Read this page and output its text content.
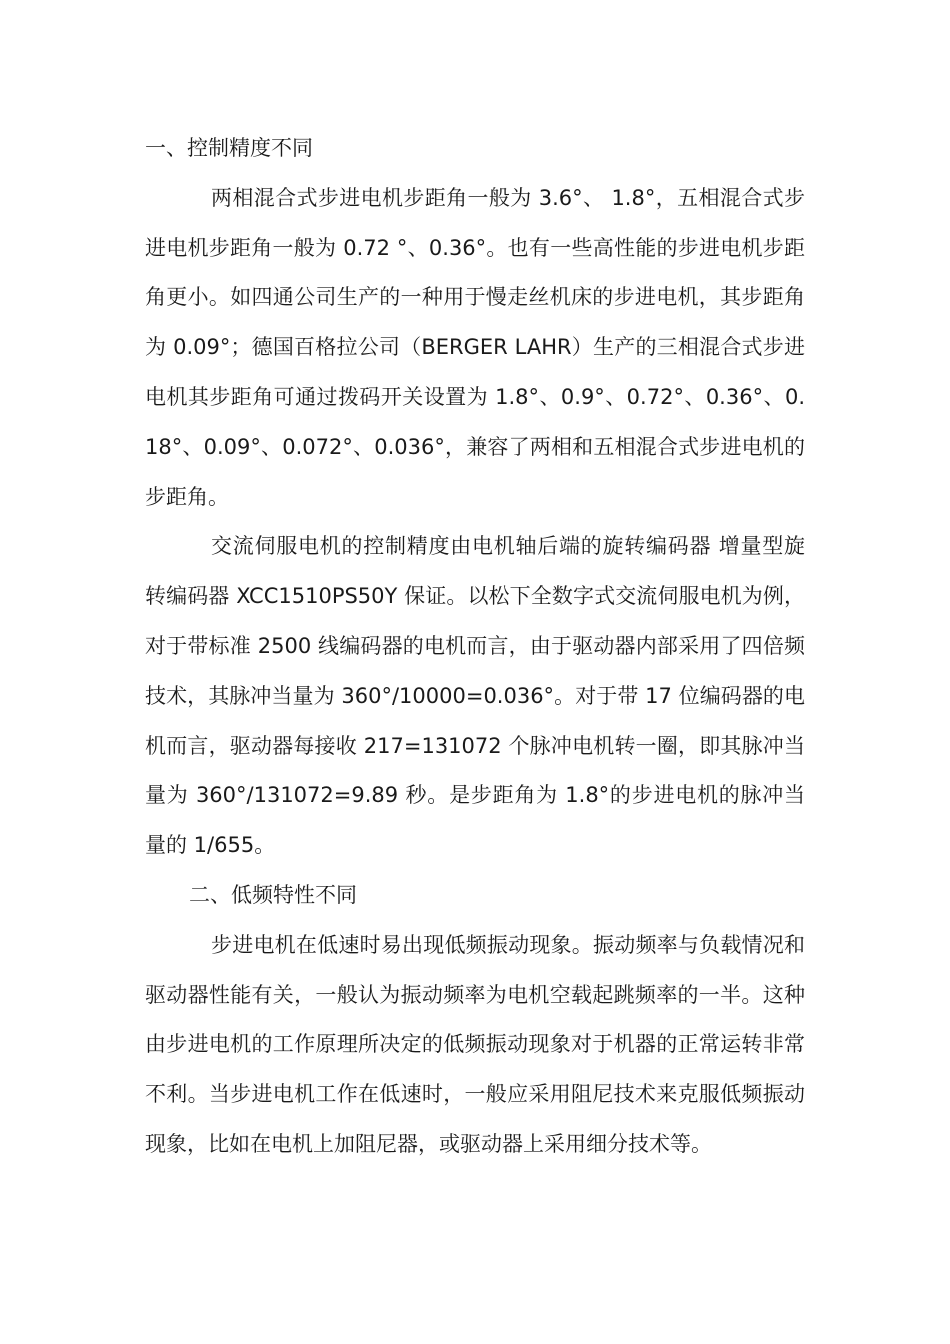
一、控制精度不同

两相混合式步进电机步距角一般为 3.6°、 1.8°，五相混合式步进电机步距角一般为 0.72 °、0.36°。也有一些高性能的步进电机步距角更小。如四通公司生产的一种用于慢走丝机床的步进电机，其步距角为 0.09°；德国百格拉公司（BERGER LAHR）生产的三相混合式步进电机其步距角可通过拨码开关设置为 1.8°、0.9°、0.72°、0.36°、0.18°、0.09°、0.072°、0.036°，兼容了两相和五相混合式步进电机的步距角。

交流伺服电机的控制精度由电机轴后端的旋转编码器 增量型旋转编码器 XCC1510PS50Y 保证。以松下全数字式交流伺服电机为例，对于带标准 2500 线编码器的电机而言，由于驱动器内部采用了四倍频技术，其脉冲当量为 360°/10000=0.036°。对于带 17 位编码器的电机而言，驱动器每接收 217=131072 个脉冲电机转一圈，即其脉冲当量为 360°/131072=9.89 秒。是步距角为 1.8°的步进电机的脉冲当量的 1/655。

二、低频特性不同

步进电机在低速时易出现低频振动现象。振动频率与负载情况和驱动器性能有关，一般认为振动频率为电机空载起跳频率的一半。这种由步进电机的工作原理所决定的低频振动现象对于机器的正常运转非常不利。当步进电机工作在低速时，一般应采用阻尼技术来克服低频振动现象，比如在电机上加阻尼器，或驱动器上采用细分技术等。
